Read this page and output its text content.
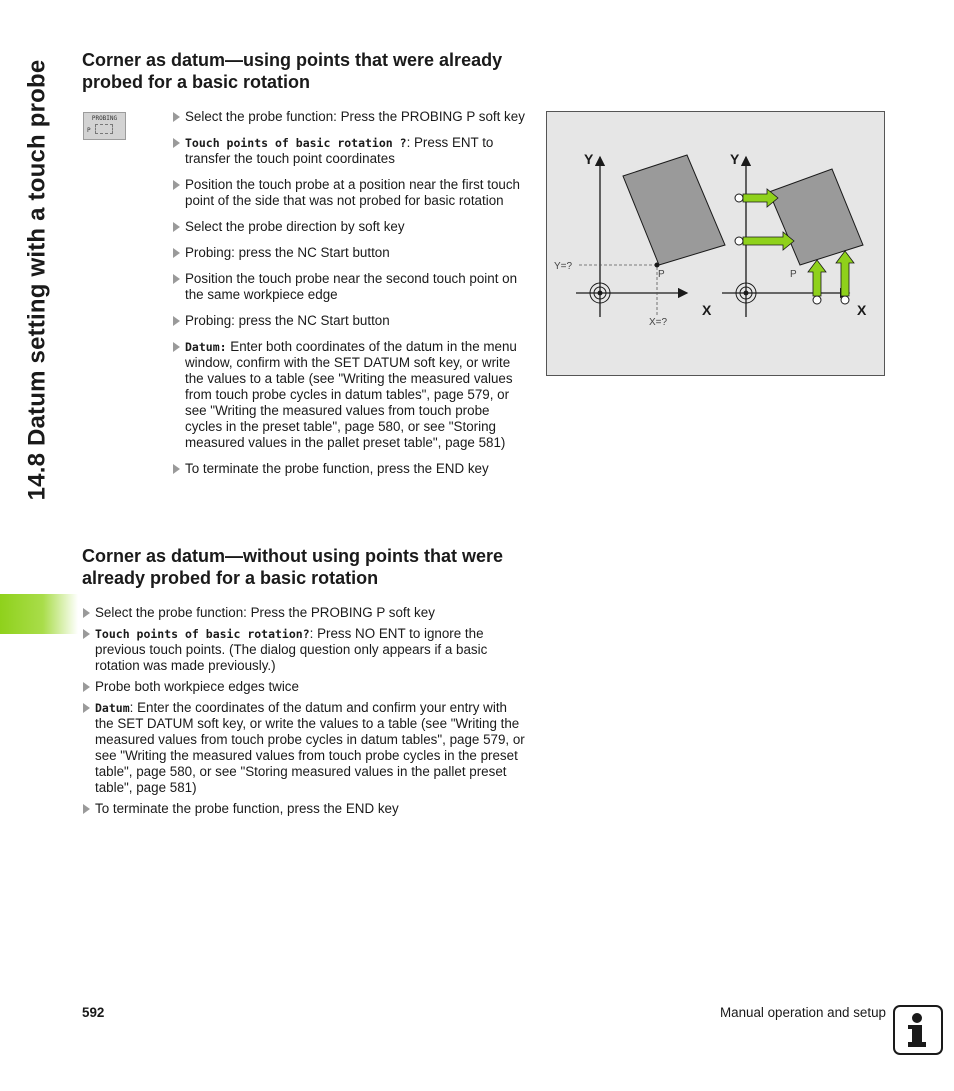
14.8 Datum setting with a touch probe Corner as datum—using points that were already probed for a basic rotation
PROBING
P
Select the probe function: Press the PROBING P soft key
Touch points of basic rotation ?: Press ENT to transfer the touch point coordinates
Position the touch probe at a position near the first touch point of the side that was not probed for basic rotation
Select the probe direction by soft key
Probing: press the NC Start button
Position the touch probe near the second touch point on the same workpiece edge
Probing: press the NC Start button
Datum: Enter both coordinates of the datum in the menu window, confirm with the SET DATUM soft key, or write the values to a table (see "Writing the measured values from touch probe cycles in datum tables", page 579, or see "Writing the measured values from touch probe cycles in the preset table", page 580, or see "Storing measured values in the pallet preset table", page 581)
To terminate the probe function, press the END key
Y
X
Y=?
X=?
P
Y
X
P
Corner as datum—without using points that were already probed for a basic rotation
Select the probe function: Press the PROBING P soft key
Touch points of basic rotation?: Press NO ENT to ignore the previous touch points. (The dialog question only appears if a basic rotation was made previously.)
Probe both workpiece edges twice
Datum: Enter the coordinates of the datum and confirm your entry with the SET DATUM soft key, or write the values to a table (see "Writing the measured values from touch probe cycles in datum tables", page 579, or see "Writing the measured values from touch probe cycles in the preset table", page 580, or see "Storing measured values in the pallet preset table", page 581)
To terminate the probe function, press the END key
592	Manual operation and setup
